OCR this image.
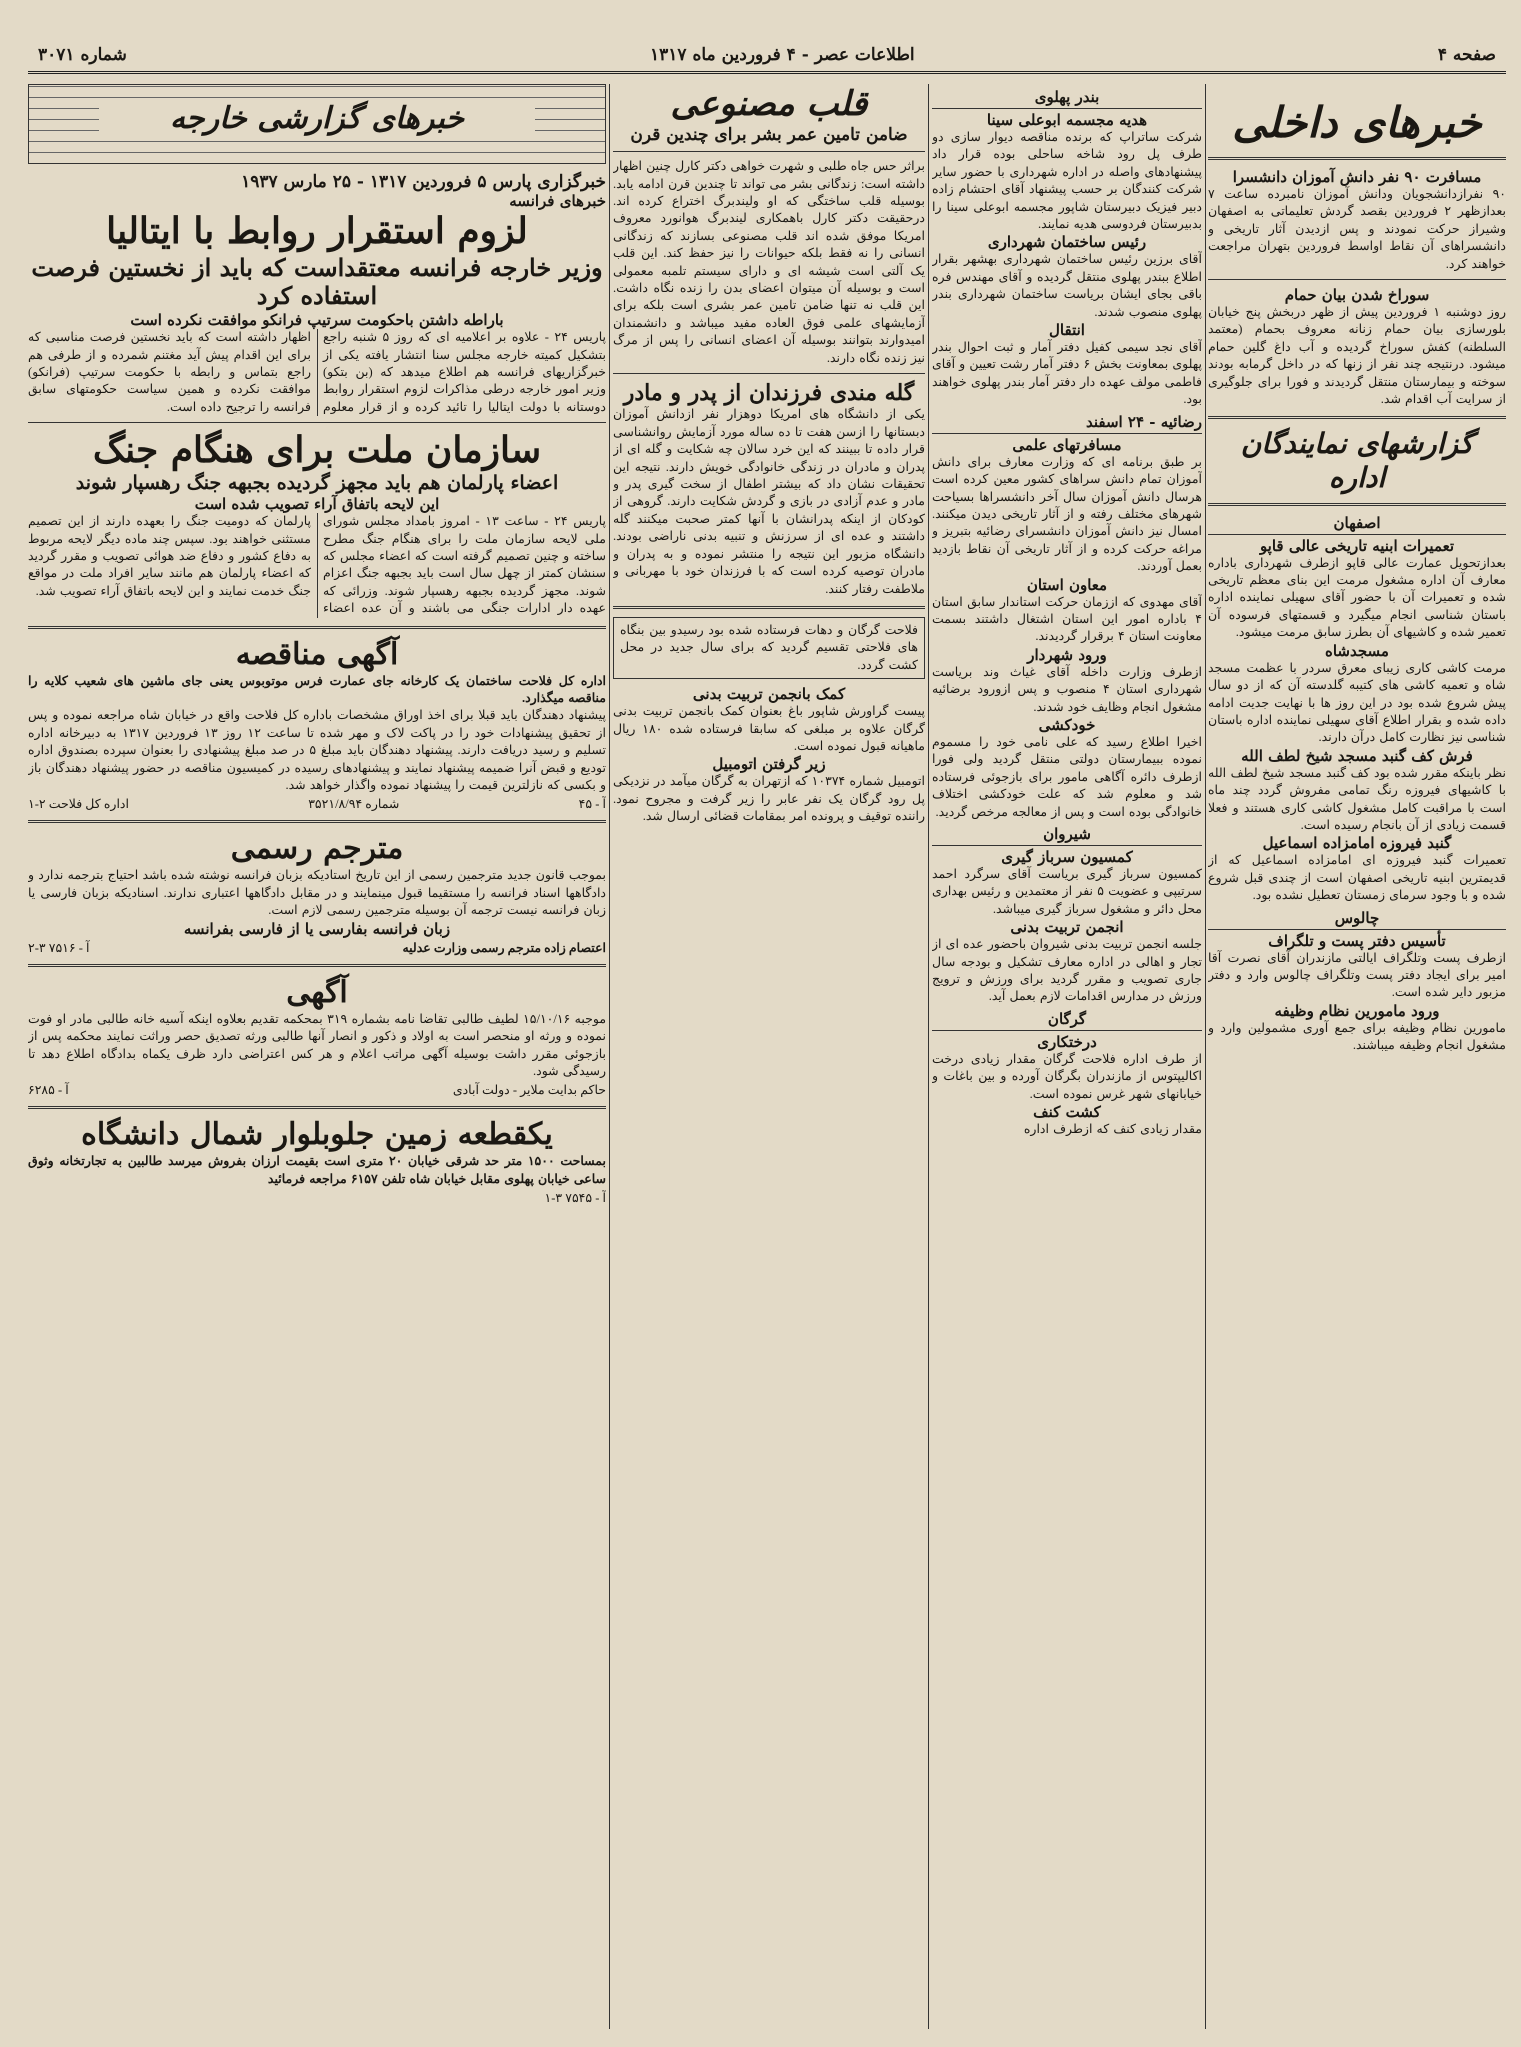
صفحه ۴
اطلاعات عصر - ۴ فروردین ماه ۱۳۱۷
شماره ۳۰۷۱
خبرهای داخلی
مسافرت ۹۰ نفر دانش آموزان دانشسرا

۹۰ نفرازدانشجویان ودانش آموزان نامبرده ساعت ۷ بعدازظهر ۲ فروردین بقصد گردش تعلیماتی به اصفهان وشیراز حرکت نمودند و پس ازدیدن آثار تاریخی و دانشسراهای آن نقاط اواسط فروردین بتهران مراجعت خواهند کرد.

سوراخ شدن بیان حمام

روز دوشنبه ۱ فروردین پیش از ظهر دربخش پنج خیابان بلورسازی بیان حمام زنانه معروف بحمام (معتمد السلطنه) کفش سوراخ گردیده و آب داغ گلین حمام میشود. درنتیجه چند نفر از زنها که در داخل گرمابه بودند سوخته و بیمارستان منتقل گردیدند و فورا برای جلوگیری از سرایت آب اقدام شد.

گزارشهای نمایندگان اداره
اصفهان
تعمیرات ابنیه تاریخی عالی قاپو

بعدازتحویل عمارت عالی قاپو ازطرف شهرداری باداره معارف آن اداره مشغول مرمت این بنای معظم تاریخی شده و تعمیرات آن با حضور آقای سهیلی نماینده اداره باستان شناسی انجام میگیرد و قسمتهای فرسوده آن تعمیر شده و کاشیهای آن بطرز سابق مرمت میشود.

مسجدشاه

مرمت کاشی کاری زیبای معرق سردر با عظمت مسجد شاه و تعمیه کاشی های کتیبه گلدسته آن که از دو سال پیش شروع شده بود در این روز ها با نهایت جدیت ادامه داده شده و بقرار اطلاع آقای سهیلی نماینده اداره باستان شناسی نیز نظارت کامل درآن دارند.

فرش کف گنبد مسجد شیخ لطف الله

نظر باینکه مقرر شده بود کف گنبد مسجد شیخ لطف الله با کاشیهای فیروزه رنگ تمامی مفروش گردد چند ماه است با مراقبت کامل مشغول کاشی کاری هستند و فعلا قسمت زیادی از آن بانجام رسیده است.

گنبد فیروزه امامزاده اسماعیل

تعمیرات گنبد فیروزه ای امامزاده اسماعیل که از قدیمترین ابنیه تاریخی اصفهان است از چندی قبل شروع شده و با وجود سرمای زمستان تعطیل نشده بود.

چالوس
تأسیس دفتر پست و تلگراف

ازطرف پست وتلگراف ایالتی مازندران آقای نصرت آقا امیر برای ایجاد دفتر پست وتلگراف چالوس وارد و دفتر مزبور دایر شده است.

ورود مامورین نظام وظیفه

مامورین نظام وظیفه برای جمع آوری مشمولین وارد و مشغول انجام وظیفه میباشند.

بندر پهلوی
هدیه مجسمه ابوعلی سینا

شرکت ساتراپ که برنده مناقصه دیوار سازی دو طرف پل رود شاخه ساحلی بوده قرار داد پیشنهادهای واصله در اداره شهرداری با حضور سایر شرکت کنندگان بر حسب پیشنهاد آقای احتشام زاده دبیر فیزیک دبیرستان شاپور مجسمه ابوعلی سینا را بدبیرستان فردوسی هدیه نمایند.

رئیس ساختمان شهرداری

آقای برزین رئیس ساختمان شهرداری بهشهر بقرار اطلاع ببندر پهلوی منتقل گردیده و آقای مهندس فره باقی بجای ایشان بریاست ساختمان شهرداری بندر پهلوی منصوب شدند.

انتقال

آقای نجد سیمی کفیل دفتر آمار و ثبت احوال بندر پهلوی بمعاونت بخش ۶ دفتر آمار رشت تعیین و آقای فاطمی مولف عهده دار دفتر آمار بندر پهلوی خواهند بود.

رضائیه - ۲۴ اسفند
مسافرتهای علمی

بر طبق برنامه ای که وزارت معارف برای دانش آموزان تمام دانش سراهای کشور معین کرده است هرسال دانش آموزان سال آخر دانشسراها بسیاحت شهرهای مختلف رفته و از آثار تاریخی دیدن میکنند. امسال نیز دانش آموزان دانشسرای رضائیه بتبریز و مراغه حرکت کرده و از آثار تاریخی آن نقاط بازدید بعمل آوردند.

معاون استان

آقای مهدوی که اززمان حرکت استاندار سابق استان ۴ باداره امور این استان اشتغال داشتند بسمت معاونت استان ۴ برقرار گردیدند.

ورود شهردار

ازطرف وزارت داخله آقای غیاث وند بریاست شهرداری استان ۴ منصوب و پس ازورود برضائیه مشغول انجام وظایف خود شدند.

خودکشی

اخیرا اطلاع رسید که علی نامی خود را مسموم نموده ببیمارستان دولتی منتقل گردید ولی فورا ازطرف دائره آگاهی مامور برای بازجوئی فرستاده شد و معلوم شد که علت خودکشی اختلاف خانوادگی بوده است و پس از معالجه مرخص گردید.

شیروان
کمسیون سرباز گیری

کمسیون سرباز گیری بریاست آقای سرگرد احمد سرتیپی و عضویت ۵ نفر از معتمدین و رئیس بهداری محل دائر و مشغول سرباز گیری میباشد.

انجمن تربیت بدنی

جلسه انجمن تربیت بدنی شیروان باحضور عده ای از تجار و اهالی در اداره معارف تشکیل و بودجه سال جاری تصویب و مقرر گردید برای ورزش و ترویج ورزش در مدارس اقدامات لازم بعمل آید.

گرگان
درختکاری

از طرف اداره فلاحت گرگان مقدار زیادی درخت اکالیپتوس از مازندران بگرگان آورده و بین باغات و خیابانهای شهر غرس نموده است.

کشت کنف

مقدار زیادی کنف که ازطرف اداره

قلب مصنوعی
ضامن تامین عمر بشر برای چندین قرن

براثر حس جاه طلبی و شهرت خواهی دکتر کارل چنین اظهار داشته است: زندگانی بشر می تواند تا چندین قرن ادامه یابد. بوسیله قلب ساختگی که او ولیندبرگ اختراع کرده اند. درحقیقت دکتر کارل باهمکاری لیندبرگ هوانورد معروف امریکا موفق شده اند قلب مصنوعی بسازند که زندگانی انسانی را نه فقط بلکه حیوانات را نیز حفظ کند. این قلب یک آلتی است شیشه ای و دارای سیستم تلمبه معمولی است و بوسیله آن میتوان اعضای بدن را زنده نگاه داشت. این قلب نه تنها ضامن تامین عمر بشری است بلکه برای آزمایشهای علمی فوق العاده مفید میباشد و دانشمندان امیدوارند بتوانند بوسیله آن اعضای انسانی را پس از مرگ نیز زنده نگاه دارند.

گله مندی فرزندان از پدر و مادر

یکی از دانشگاه های امریکا دوهزار نفر ازدانش آموزان دبستانها را ازسن هفت تا ده ساله مورد آزمایش روانشناسی قرار داده تا ببینند که این خرد سالان چه شکایت و گله ای از پدران و مادران در زندگی خانوادگی خویش دارند. نتیجه این تحقیقات نشان داد که بیشتر اطفال از سخت گیری پدر و مادر و عدم آزادی در بازی و گردش شکایت دارند. گروهی از کودکان از اینکه پدرانشان با آنها کمتر صحبت میکنند گله داشتند و عده ای از سرزنش و تنبیه بدنی ناراضی بودند. دانشگاه مزبور این نتیجه را منتشر نموده و به پدران و مادران توصیه کرده است که با فرزندان خود با مهربانی و ملاطفت رفتار کنند.

فلاحت گرگان و دهات فرستاده شده بود رسیدو بین بنگاه های فلاحتی تقسیم گردید که برای سال جدید در محل کشت گردد.

کمک بانجمن تربیت بدنی

پیست گراورش شاپور باغ بعنوان کمک بانجمن تربیت بدنی گرگان علاوه بر مبلغی که سابقا فرستاده شده ۱۸۰ ریال ماهیانه قبول نموده است.

زیر گرفتن اتومبیل

اتومبیل شماره ۱۰۳۷۴ که ازتهران به گرگان میآمد در نزدیکی پل رود گرگان یک نفر عابر را زیر گرفت و مجروح نمود. راننده توقیف و پرونده امر بمقامات قضائی ارسال شد.

خبرهای گزارشی خارجه
خبرگزاری پارس ۵ فروردین ۱۳۱۷ - ۲۵ مارس ۱۹۳۷
خبرهای فرانسه
لزوم استقرار روابط با ایتالیا
وزیر خارجه فرانسه معتقداست که باید از نخستین فرصت استفاده کرد
باراطه داشتن باحکومت سرتیپ فرانکو موافقت نکرده است

پاریس ۲۴ - علاوه بر اعلامیه ای که روز ۵ شنبه راجع بتشکیل کمیته خارجه مجلس سنا انتشار یافته یکی از خبرگزاریهای فرانسه هم اطلاع میدهد که (بن بتکو) وزیر امور خارجه درطی مذاکرات لزوم استقرار روابط دوستانه با دولت ایتالیا را تائید کرده و از قرار معلوم اظهار داشته است که باید نخستین فرصت مناسبی که برای این اقدام پیش آید مغتنم شمرده و از طرفی هم راجع بتماس و رابطه با حکومت سرتیپ (فرانکو) موافقت نکرده و همین سیاست حکومتهای سابق فرانسه را ترجیح داده است.

سازمان ملت برای هنگام جنگ
اعضاء پارلمان هم باید مجهز گردیده بجبهه جنگ رهسپار شوند
این لایحه باتفاق آراء تصویب شده است

پاریس ۲۴ - ساعت ۱۳ - امروز بامداد مجلس شورای ملی لایحه سازمان ملت را برای هنگام جنگ مطرح ساخته و چنین تصمیم گرفته است که اعضاء مجلس که سنشان کمتر از چهل سال است باید بجبهه جنگ اعزام شوند. مجهز گردیده بجبهه رهسپار شوند. وزرائی که عهده دار ادارات جنگی می باشند و آن عده اعضاء پارلمان که دومیت جنگ را بعهده دارند از این تصمیم مستثنی خواهند بود. سپس چند ماده دیگر لایحه مربوط به دفاع کشور و دفاع ضد هوائی تصویب و مقرر گردید که اعضاء پارلمان هم مانند سایر افراد ملت در مواقع جنگ خدمت نمایند و این لایحه باتفاق آراء تصویب شد.

آگهی مناقصه

اداره کل فلاحت ساختمان یک کارخانه جای عمارت فرس موتوبوس یعنی جای ماشین های شعیب کلایه را مناقصه میگذارد.

پیشنهاد دهندگان باید قبلا برای اخذ اوراق مشخصات باداره کل فلاحت واقع در خیابان شاه مراجعه نموده و پس از تحقیق پیشنهادات خود را در پاکت لاک و مهر شده تا ساعت ۱۲ روز ۱۳ فروردین ۱۳۱۷ به دبیرخانه اداره تسلیم و رسید دریافت دارند. پیشنهاد دهندگان باید مبلغ ۵ در صد مبلغ پیشنهادی را بعنوان سپرده بصندوق اداره تودیع و قبض آنرا ضمیمه پیشنهاد نمایند و پیشنهادهای رسیده در کمیسیون مناقصه در حضور پیشنهاد دهندگان باز و بکسی که نازلترین قیمت را پیشنهاد نموده واگذار خواهد شد.

آ - ۴۵
شماره ۳۵۲۱/۸/۹۴
اداره کل فلاحت ۲-۱
مترجم رسمی

بموجب قانون جدید مترجمین رسمی از این تاریخ استادیکه بزبان فرانسه نوشته شده باشد احتیاج بترجمه ندارد و دادگاهها اسناد فرانسه را مستقیما قبول مینمایند و در مقابل دادگاهها اعتباری ندارند. اسنادیکه بزبان فارسی یا زبان فرانسه نیست ترجمه آن بوسیله مترجمین رسمی لازم است.

زبان فرانسه بفارسی یا از فارسی بفرانسه
اعتصام زاده مترجم رسمی وزارت عدلیه
آ - ۷۵۱۶ ۳-۲
آگهی

موجبه ۱۵/۱۰/۱۶ لطیف طالبی تقاضا نامه بشماره ۳۱۹ بمحکمه تقدیم بعلاوه اینکه آسیه خانه طالبی مادر او فوت نموده و ورثه او منحصر است به اولاد و ذکور و انصار آنها طالبی ورثه تصدیق حصر وراثت نمایند محکمه پس از بازجوئی مقرر داشت بوسیله آگهی مراتب اعلام و هر کس اعتراضی دارد ظرف یکماه بدادگاه اطلاع دهد تا رسیدگی شود.

حاکم بدایت ملایر - دولت آبادی
آ - ۶۲۸۵
یکقطعه زمین جلوبلوار شمال دانشگاه

بمساحت ۱۵۰۰ متر حد شرقی خیابان ۲۰ متری است بقیمت ارزان بفروش میرسد طالبین به تجارتخانه وثوق ساعی خیابان پهلوی مقابل خیابان شاه تلفن ۶۱۵۷ مراجعه فرمائید

آ - ۷۵۴۵ ۳-۱
